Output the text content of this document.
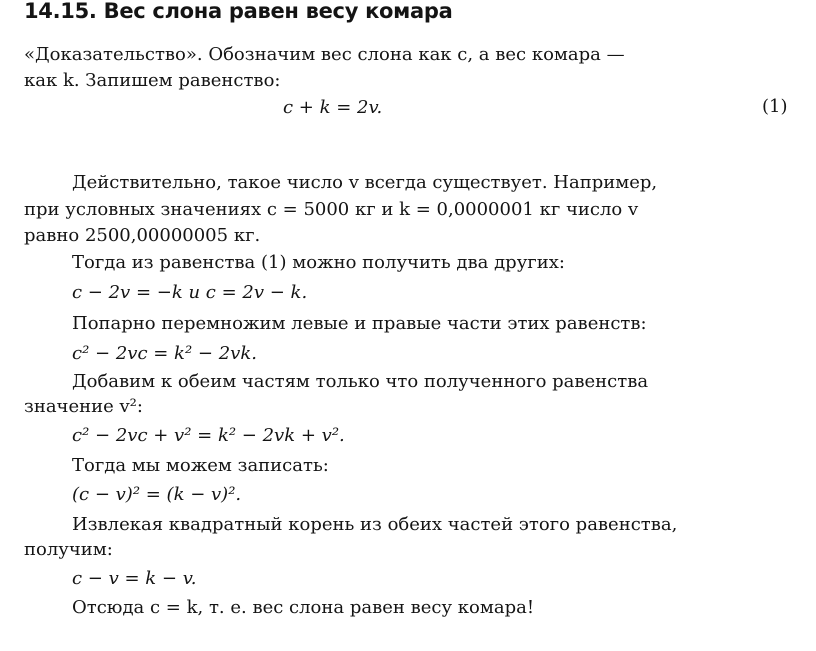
14.15. Вес слона равен весу комара
«Доказательство». Обозначим вес слона как c, а вес комара —
как k. Запишем равенство:
c + k = 2v.	(1)
Действительно, такое число v всегда существует. Например,
при условных значениях c = 5000 кг и k = 0,0000001 кг число v
равно 2500,00000005 кг.
Тогда из равенства (1) можно получить два других:
c − 2v = −k и c = 2v − k.
Попарно перемножим левые и правые части этих равенств:
c² − 2vc = k² − 2vk.
Добавим к обеим частям только что полученного равенства
значение v²:
c² − 2vc + v² = k² − 2vk + v².
Тогда мы можем записать:
(c − v)² = (k − v)².
Извлекая квадратный корень из обеих частей этого равенства,
получим:
c − v = k − v.
Отсюда c = k, т. е. вес слона равен весу комара!
